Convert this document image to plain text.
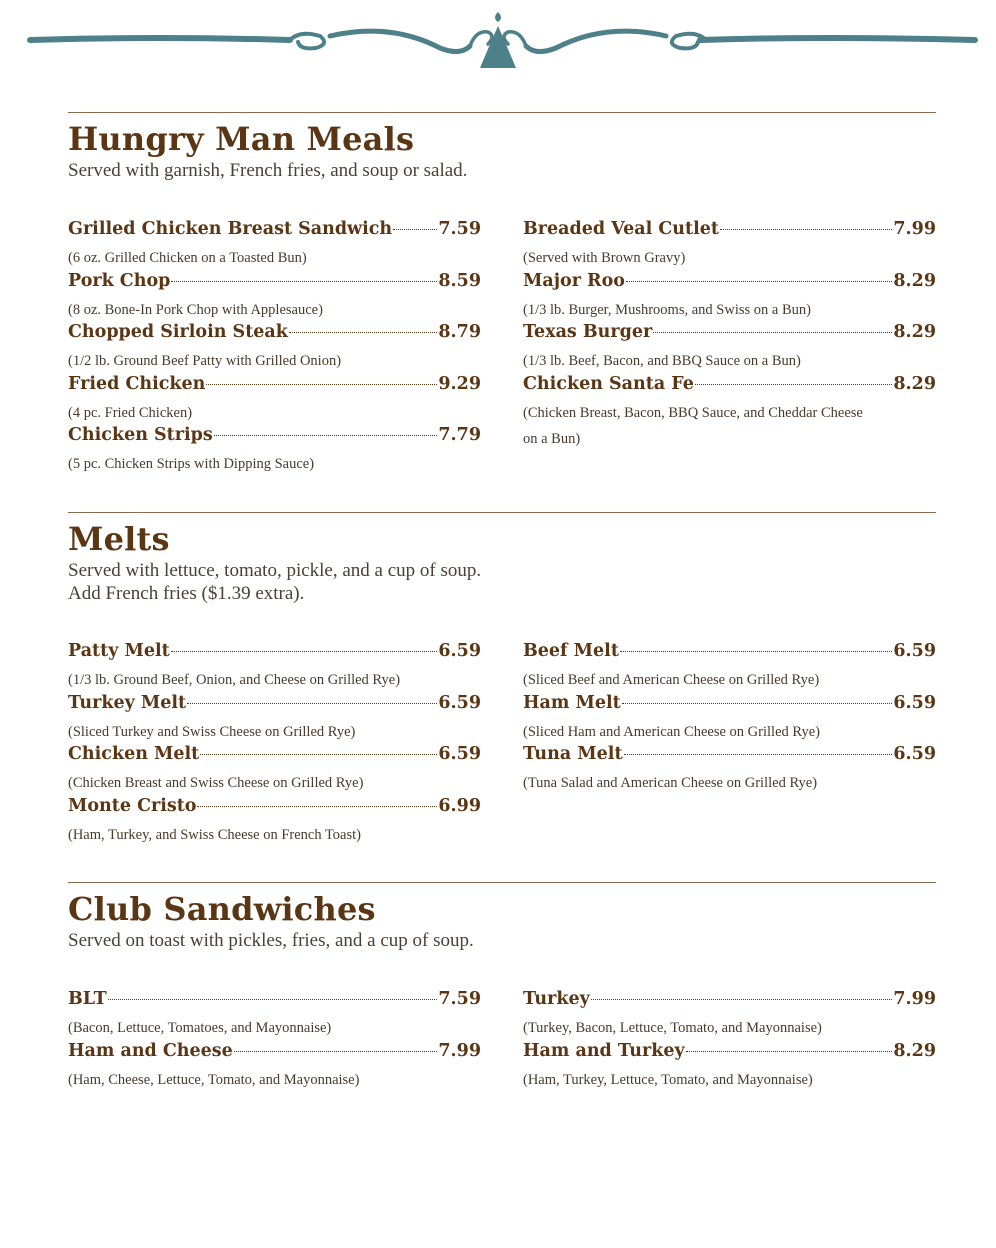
Hungry Man Meals
Served with garnish, French fries, and soup or salad.
Grilled Chicken Breast Sandwich	7.59
(6 oz. Grilled Chicken on a Toasted Bun)
Pork Chop	8.59
(8 oz. Bone-In Pork Chop with Applesauce)
Chopped Sirloin Steak	8.79
(1/2 lb. Ground Beef Patty with Grilled Onion)
Fried Chicken	9.29
(4 pc. Fried Chicken)
Chicken Strips	7.79
(5 pc. Chicken Strips with Dipping Sauce)
Breaded Veal Cutlet	7.99
(Served with Brown Gravy)
Major Roo	8.29
(1/3 lb. Burger, Mushrooms, and Swiss on a Bun)
Texas Burger	8.29
(1/3 lb. Beef, Bacon, and BBQ Sauce on a Bun)
Chicken Santa Fe	8.29
(Chicken Breast, Bacon, BBQ Sauce, and Cheddar Cheese
on a Bun)
Melts
Served with lettuce, tomato, pickle, and a cup of soup.
Add French fries ($1.39 extra).
Patty Melt	6.59
(1/3 lb. Ground Beef, Onion, and Cheese on Grilled Rye)
Turkey Melt	6.59
(Sliced Turkey and Swiss Cheese on Grilled Rye)
Chicken Melt	6.59
(Chicken Breast and Swiss Cheese on Grilled Rye)
Monte Cristo	6.99
(Ham, Turkey, and Swiss Cheese on French Toast)
Beef Melt	6.59
(Sliced Beef and American Cheese on Grilled Rye)
Ham Melt	6.59
(Sliced Ham and American Cheese on Grilled Rye)
Tuna Melt	6.59
(Tuna Salad and American Cheese on Grilled Rye)
Club Sandwiches
Served on toast with pickles, fries, and a cup of soup.
BLT	7.59
(Bacon, Lettuce, Tomatoes, and Mayonnaise)
Ham and Cheese	7.99
(Ham, Cheese, Lettuce, Tomato, and Mayonnaise)
Turkey	7.99
(Turkey, Bacon, Lettuce, Tomato, and Mayonnaise)
Ham and Turkey	8.29
(Ham, Turkey, Lettuce, Tomato, and Mayonnaise)
